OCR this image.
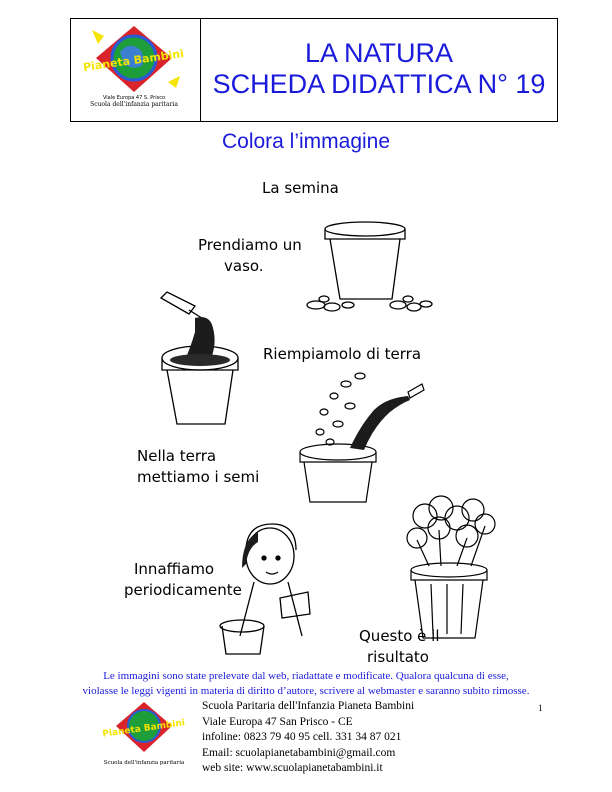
Pianeta Bambini
Viale Europa 47 S. Prisco
Scuola dell'infanzia paritaria
LA NATURA
SCHEDA DIDATTICA N° 19
Colora l’immagine
La semina
Prendiamo un
vaso.
Riempiamolo di terra
Nella terra
mettiamo i semi
Innaffiamo
periodicamente
Questo è il
risultato
Le immagini sono state prelevate dal web, riadattate e modificate. Qualora qualcuna di esse,
violasse le leggi vigenti in materia di diritto d’autore, scrivere al webmaster e saranno subito rimosse.
Pianeta Bambini
Scuola dell'infanzia paritaria
Scuola Paritaria dell'Infanzia Pianeta Bambini
Viale Europa 47 San Prisco - CE
infoline: 0823 79 40 95 cell. 331 34 87 021
Email: scuolapianetabambini@gmail.com
web site: www.scuolapianetabambini.it
1
